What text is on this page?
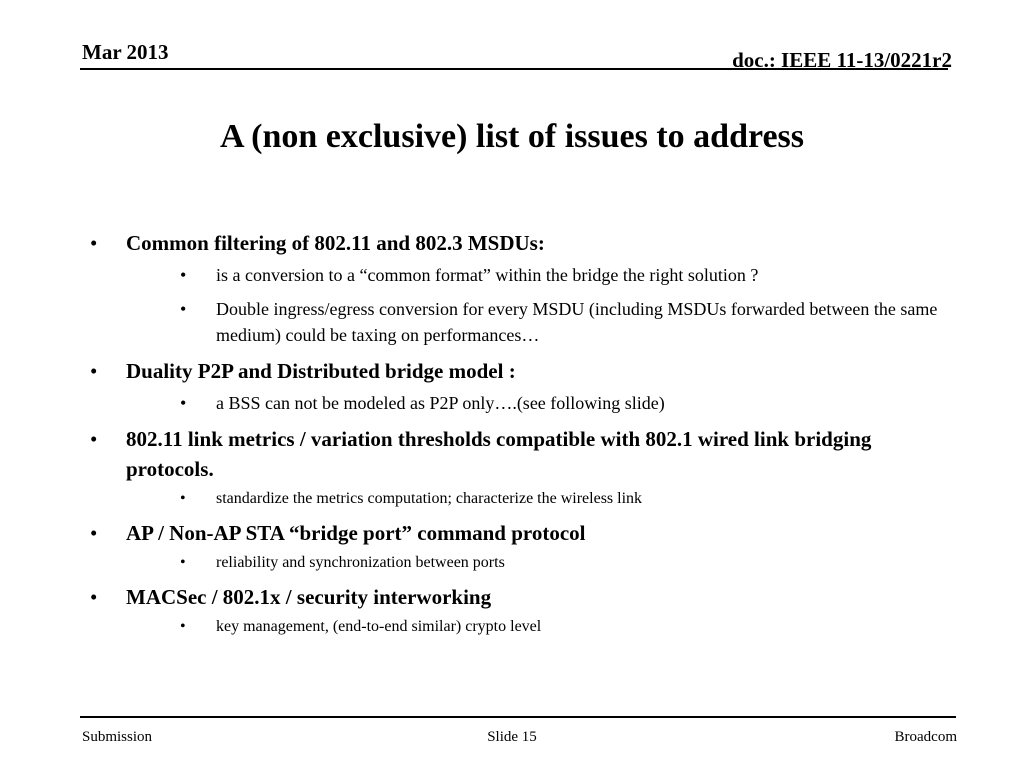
Mar 2013	doc.: IEEE 11-13/0221r2
A (non exclusive) list of issues to address
• Common filtering of 802.11 and 802.3 MSDUs:
• is a conversion to a “common format” within the bridge the right solution ?
• Double ingress/egress conversion for every MSDU (including MSDUs forwarded between the same medium) could be taxing on performances…
• Duality P2P and Distributed bridge model :
• a BSS can not be modeled as P2P only….(see following slide)
• 802.11 link metrics / variation thresholds compatible with 802.1 wired link bridging protocols.
• standardize the metrics computation; characterize the wireless link
• AP / Non-AP STA “bridge port” command protocol
• reliability and synchronization between ports
• MACSec / 802.1x / security interworking
• key management, (end-to-end similar) crypto level
Submission	Slide 15	Broadcom
